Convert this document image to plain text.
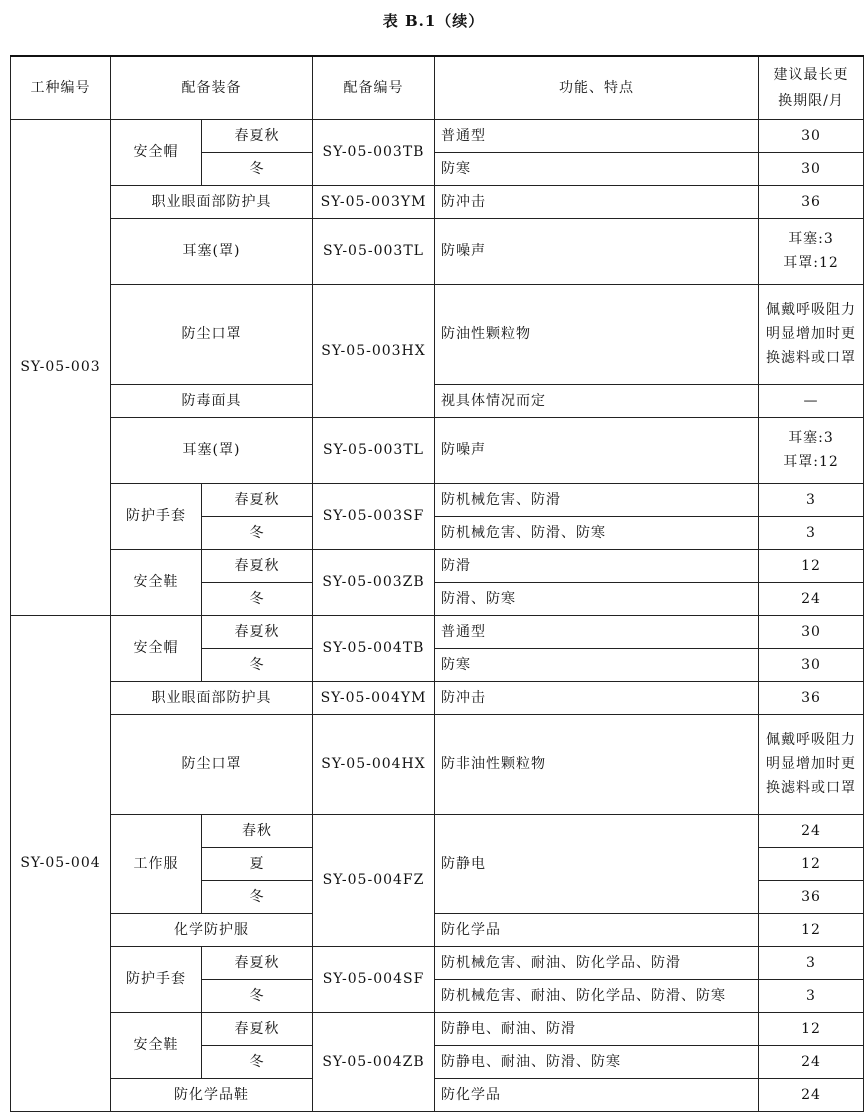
表 B.1（续）
工种编号	配备装备		配备编号	功能、特点	建议最长更
换期限/月

SY-05-003	安全帽	春夏秋	SY-05-003TB	普通型	30
		冬		防寒	30
	职业眼面部防护具		SY-05-003YM	防冲击	36
	耳塞(罩)		SY-05-003TL	防噪声	耳塞:3
耳罩:12

	防尘口罩		SY-05-003HX	防油性颗粒物	佩戴呼吸阻力
明显增加时更
换滤料或口罩

	防毒面具			视具体情况而定	—
	耳塞(罩)		SY-05-003TL	防噪声	耳塞:3
耳罩:12

	防护手套	春夏秋	SY-05-003SF	防机械危害、防滑	3
		冬		防机械危害、防滑、防寒	3
	安全鞋	春夏秋	SY-05-003ZB	防滑	12
		冬		防滑、防寒	24
SY-05-004	安全帽	春夏秋	SY-05-004TB	普通型	30
		冬		防寒	30
	职业眼面部防护具		SY-05-004YM	防冲击	36
	防尘口罩		SY-05-004HX	防非油性颗粒物	佩戴呼吸阻力
明显增加时更
换滤料或口罩

	工作服	春秋	SY-05-004FZ	防静电	24
		夏			12
		冬			36
	化学防护服			防化学品	12
	防护手套	春夏秋	SY-05-004SF	防机械危害、耐油、防化学品、防滑	3
		冬		防机械危害、耐油、防化学品、防滑、防寒	3
	安全鞋	春夏秋	SY-05-004ZB	防静电、耐油、防滑	12
		冬		防静电、耐油、防滑、防寒	24
	防化学品鞋			防化学品	24
